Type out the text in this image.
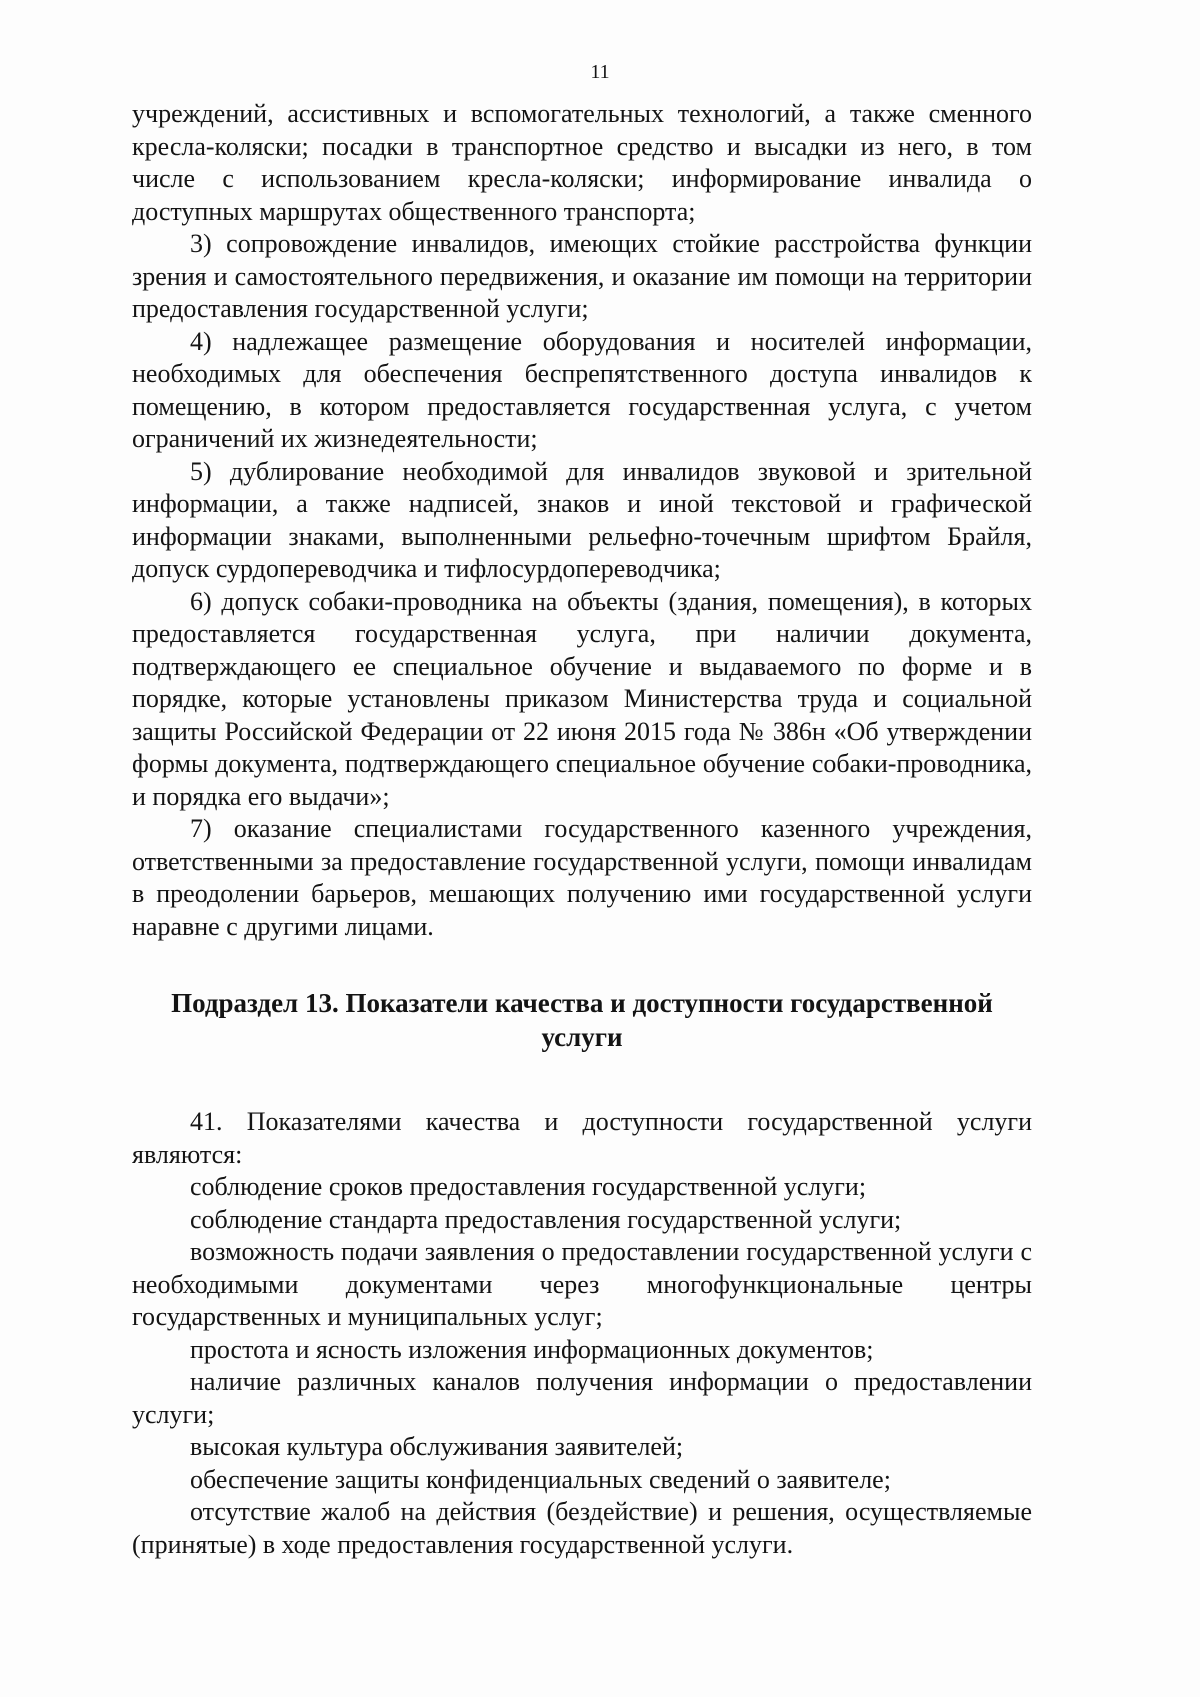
11

учреждений, ассистивных и вспомогательных технологий, а также сменного кресла-коляски; посадки в транспортное средство и высадки из него, в том числе с использованием кресла-коляски; информирование инвалида о доступных маршрутах общественного транспорта;

3) сопровождение инвалидов, имеющих стойкие расстройства функции зрения и самостоятельного передвижения, и оказание им помощи на территории предоставления государственной услуги;

4) надлежащее размещение оборудования и носителей информации, необходимых для обеспечения беспрепятственного доступа инвалидов к помещению, в котором предоставляется государственная услуга, с учетом ограничений их жизнедеятельности;

5) дублирование необходимой для инвалидов звуковой и зрительной информации, а также надписей, знаков и иной текстовой и графической информации знаками, выполненными рельефно-точечным шрифтом Брайля, допуск сурдопереводчика и тифлосурдопереводчика;

6) допуск собаки-проводника на объекты (здания, помещения), в которых предоставляется государственная услуга, при наличии документа, подтверждающего ее специальное обучение и выдаваемого по форме и в порядке, которые установлены приказом Министерства труда и социальной защиты Российской Федерации от 22 июня 2015 года № 386н «Об утверждении формы документа, подтверждающего специальное обучение собаки-проводника, и порядка его выдачи»;

7) оказание специалистами государственного казенного учреждения, ответственными за предоставление государственной услуги, помощи инвалидам в преодолении барьеров, мешающих получению ими государственной услуги наравне с другими лицами.

Подраздел 13. Показатели качества и доступности государственной
услуги

41. Показателями качества и доступности государственной услуги являются:

соблюдение сроков предоставления государственной услуги;

соблюдение стандарта предоставления государственной услуги;

возможность подачи заявления о предоставлении государственной услуги с необходимыми документами через многофункциональные центры государственных и муниципальных услуг;

простота и ясность изложения информационных документов;

наличие различных каналов получения информации о предоставлении услуги;

высокая культура обслуживания заявителей;

обеспечение защиты конфиденциальных сведений о заявителе;

отсутствие жалоб на действия (бездействие) и решения, осуществляемые (принятые) в ходе предоставления государственной услуги.
